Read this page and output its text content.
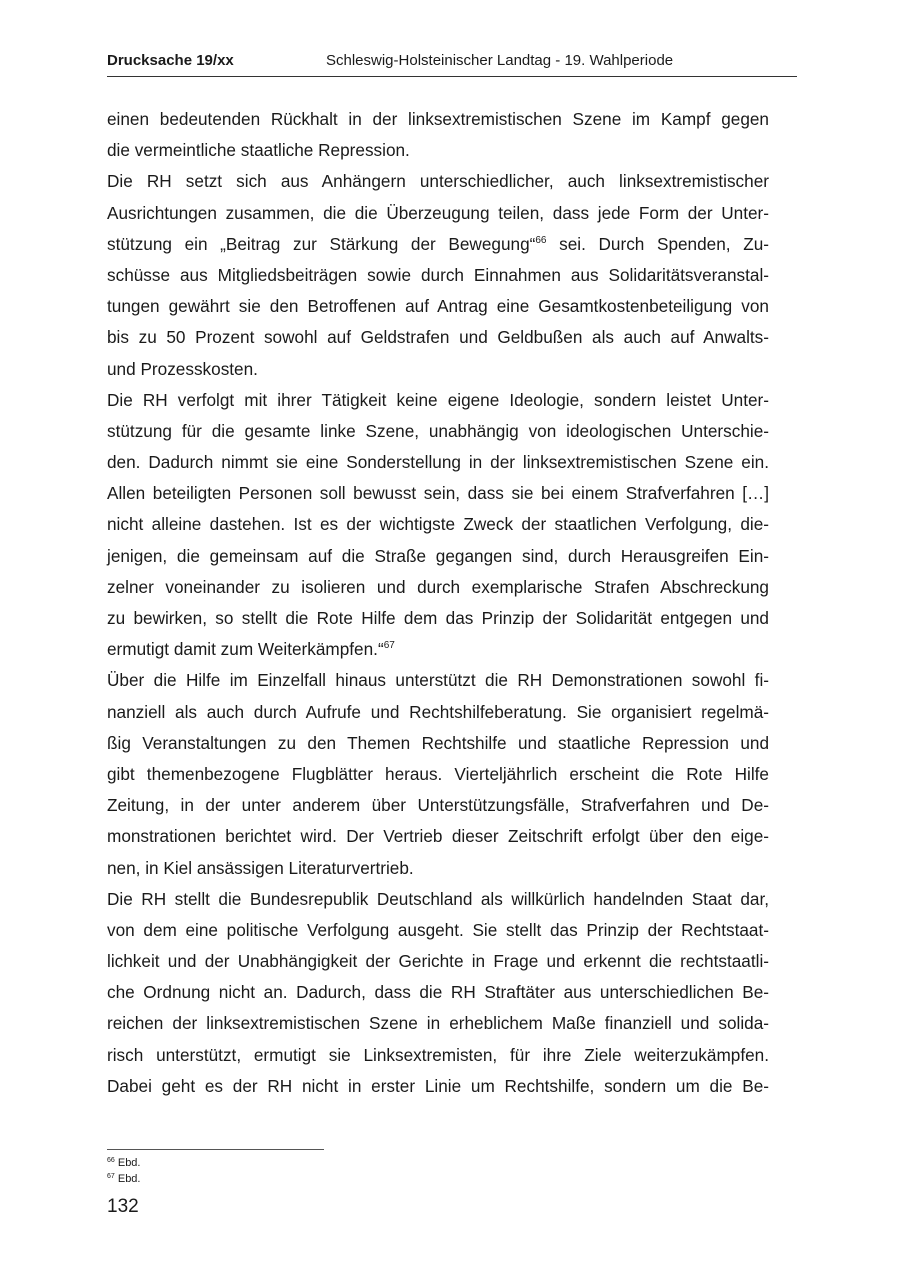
Drucksache 19/xx	Schleswig-Holsteinischer Landtag - 19. Wahlperiode
einen bedeutenden Rückhalt in der linksextremistischen Szene im Kampf gegen
die vermeintliche staatliche Repression.
Die RH setzt sich aus Anhängern unterschiedlicher, auch linksextremistischer
Ausrichtungen zusammen, die die Überzeugung teilen, dass jede Form der Unter-
stützung ein „Beitrag zur Stärkung der Bewegung“$^{66}$ sei. Durch Spenden, Zu-
schüsse aus Mitgliedsbeiträgen sowie durch Einnahmen aus Solidaritätsveranstal-
tungen gewährt sie den Betroffenen auf Antrag eine Gesamtkostenbeteiligung von
bis zu 50 Prozent sowohl auf Geldstrafen und Geldbußen als auch auf Anwalts-
und Prozesskosten.
Die RH verfolgt mit ihrer Tätigkeit keine eigene Ideologie, sondern leistet Unter-
stützung für die gesamte linke Szene, unabhängig von ideologischen Unterschie-
den. Dadurch nimmt sie eine Sonderstellung in der linksextremistischen Szene ein.
Allen beteiligten Personen soll bewusst sein, dass sie bei einem Strafverfahren […]
nicht alleine dastehen. Ist es der wichtigste Zweck der staatlichen Verfolgung, die-
jenigen, die gemeinsam auf die Straße gegangen sind, durch Herausgreifen Ein-
zelner voneinander zu isolieren und durch exemplarische Strafen Abschreckung
zu bewirken, so stellt die Rote Hilfe dem das Prinzip der Solidarität entgegen und
ermutigt damit zum Weiterkämpfen.“$^{67}$
Über die Hilfe im Einzelfall hinaus unterstützt die RH Demonstrationen sowohl fi-
nanziell als auch durch Aufrufe und Rechtshilfeberatung. Sie organisiert regelmä-
ßig Veranstaltungen zu den Themen Rechtshilfe und staatliche Repression und
gibt themenbezogene Flugblätter heraus. Vierteljährlich erscheint die Rote Hilfe
Zeitung, in der unter anderem über Unterstützungsfälle, Strafverfahren und De-
monstrationen berichtet wird. Der Vertrieb dieser Zeitschrift erfolgt über den eige-
nen, in Kiel ansässigen Literaturvertrieb.
Die RH stellt die Bundesrepublik Deutschland als willkürlich handelnden Staat dar,
von dem eine politische Verfolgung ausgeht. Sie stellt das Prinzip der Rechtstaat-
lichkeit und der Unabhängigkeit der Gerichte in Frage und erkennt die rechtstaatli-
che Ordnung nicht an. Dadurch, dass die RH Straftäter aus unterschiedlichen Be-
reichen der linksextremistischen Szene in erheblichem Maße finanziell und solida-
risch unterstützt, ermutigt sie Linksextremisten, für ihre Ziele weiterzukämpfen.
Dabei geht es der RH nicht in erster Linie um Rechtshilfe, sondern um die Be-
$^{66}$ Ebd.
$^{67}$ Ebd.
132
